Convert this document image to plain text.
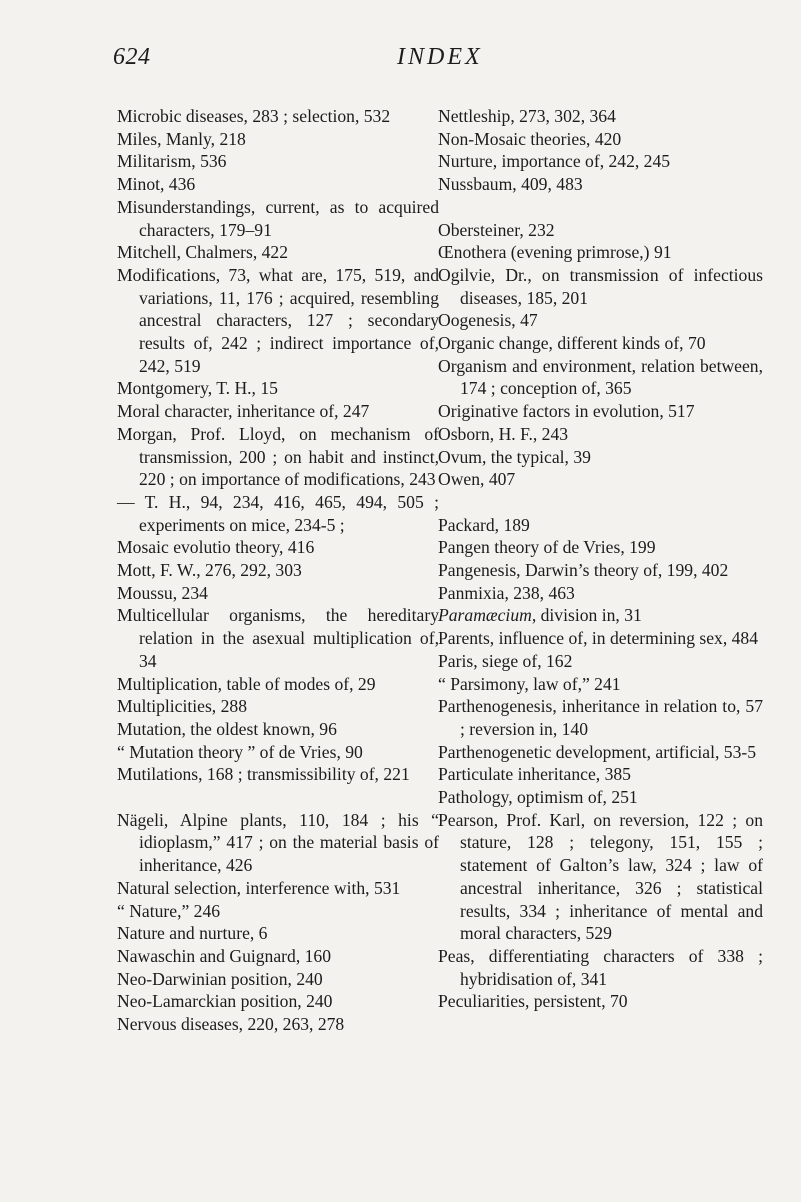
624	INDEX
Microbic diseases, 283 ; selection, 532
Miles, Manly, 218
Militarism, 536
Minot, 436
Misunderstandings, current, as to acquired characters, 179–91
Mitchell, Chalmers, 422
Modifications, 73, what are, 175, 519, and variations, 11, 176 ; acquired, resembling ancestral characters, 127 ; secondary results of, 242 ; indirect importance of, 242, 519
Montgomery, T. H., 15
Moral character, inheritance of, 247
Morgan, Prof. Lloyd, on mechanism of transmission, 200 ; on habit and instinct, 220 ; on importance of modifications, 243
— T. H., 94, 234, 416, 465, 494, 505 ; experiments on mice, 234-5 ;
Mosaic evolutio theory, 416
Mott, F. W., 276, 292, 303
Moussu, 234
Multicellular organisms, the hereditary relation in the asexual multiplication of, 34
Multiplication, table of modes of, 29
Multiplicities, 288
Mutation, the oldest known, 96
“ Mutation theory ” of de Vries, 90
Mutilations, 168 ; transmissibility of, 221
Nägeli, Alpine plants, 110, 184 ; his “ idioplasm,” 417 ; on the material basis of inheritance, 426
Natural selection, interference with, 531
“ Nature,” 246
Nature and nurture, 6
Nawaschin and Guignard, 160
Neo-Darwinian position, 240
Neo-Lamarckian position, 240
Nervous diseases, 220, 263, 278
Nettleship, 273, 302, 364
Non-Mosaic theories, 420
Nurture, importance of, 242, 245
Nussbaum, 409, 483
Obersteiner, 232
Œnothera (evening primrose,) 91
Ogilvie, Dr., on transmission of infectious diseases, 185, 201
Oogenesis, 47
Organic change, different kinds of, 70
Organism and environment, relation between, 174 ; conception of, 365
Originative factors in evolution, 517
Osborn, H. F., 243
Ovum, the typical, 39
Owen, 407
Packard, 189
Pangen theory of de Vries, 199
Pangenesis, Darwin’s theory of, 199, 402
Panmixia, 238, 463
Paramæcium, division in, 31
Parents, influence of, in determining sex, 484
Paris, siege of, 162
“ Parsimony, law of,” 241
Parthenogenesis, inheritance in relation to, 57 ; reversion in, 140
Parthenogenetic development, artificial, 53-5
Particulate inheritance, 385
Pathology, optimism of, 251
Pearson, Prof. Karl, on reversion, 122 ; on stature, 128 ; telegony, 151, 155 ; statement of Galton’s law, 324 ; law of ancestral inheritance, 326 ; statistical results, 334 ; inheritance of mental and moral characters, 529
Peas, differentiating characters of 338 ; hybridisation of, 341
Peculiarities, persistent, 70
